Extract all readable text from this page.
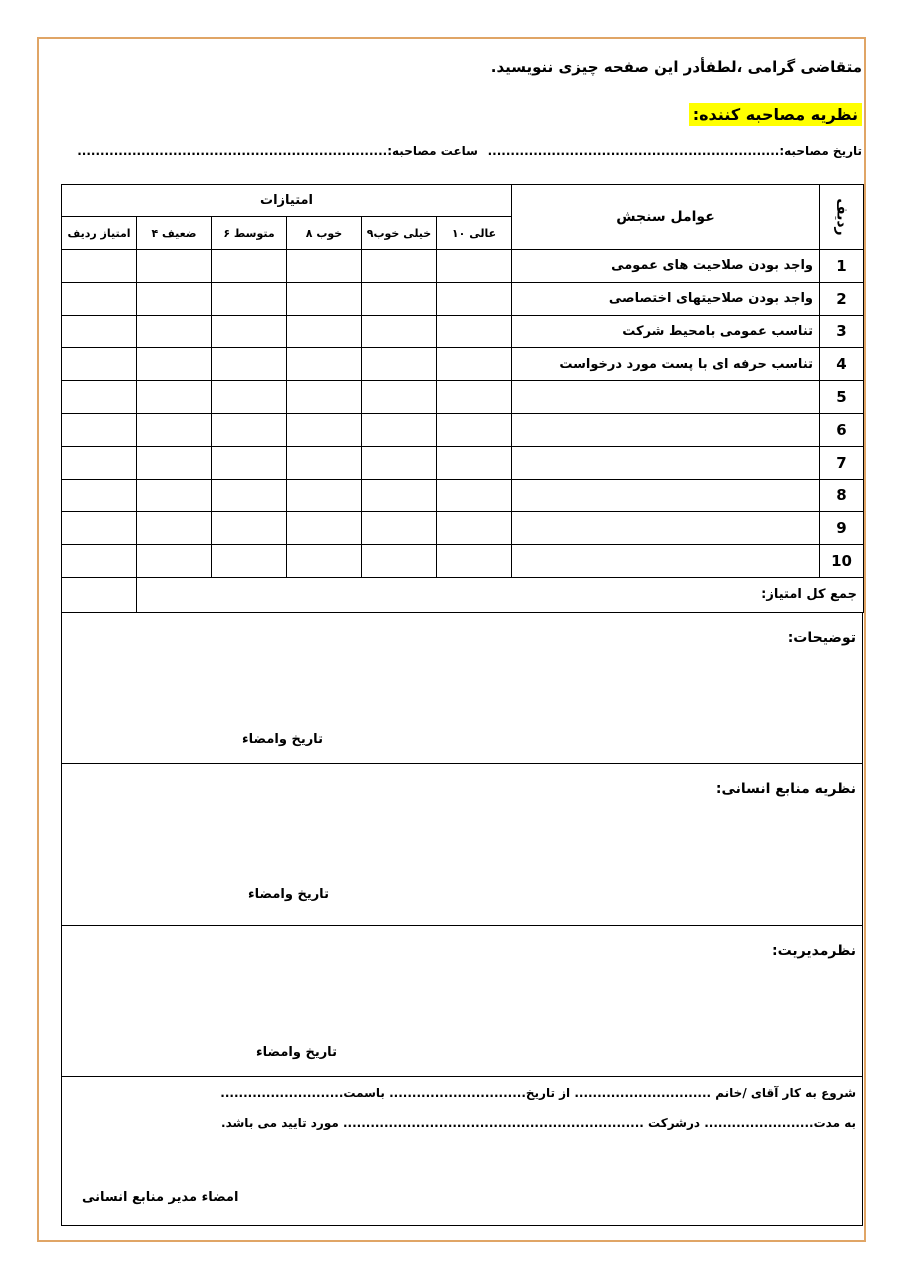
متقاضی گرامی ،لطفأدر این صفحه چیزی ننویسید.
نظریه مصاحبه کننده:
تاریخ مصاحبه:................................................................
ساعت مصاحبه:....................................................................
امتیازات						عوامل سنجش	ردیف
امتیاز ردیف	ضعیف ۴	متوسط ۶	خوب ۸	خیلی خوب۹	عالی ۱۰		
						واجد بودن صلاحیت های عمومی	1
						واجد بودن صلاحیتهای اختصاصی	2
						تناسب عمومی بامحیط شرکت	3
						تناسب حرفه ای با پست مورد درخواست	4
							5
							6
							7
							8
							9
							10
	جمع کل امتیاز:						
توضیحات:
تاریخ وامضاء
نظریه منابع انسانی:
تاریخ وامضاء
نظرمدیریت:
تاریخ وامضاء
شروع به کار آقای /خانم .............................. از تاریخ.............................. باسمت...........................
به مدت........................ درشرکت .................................................................. مورد تایید می باشد.
امضاء مدیر منابع انسانی
